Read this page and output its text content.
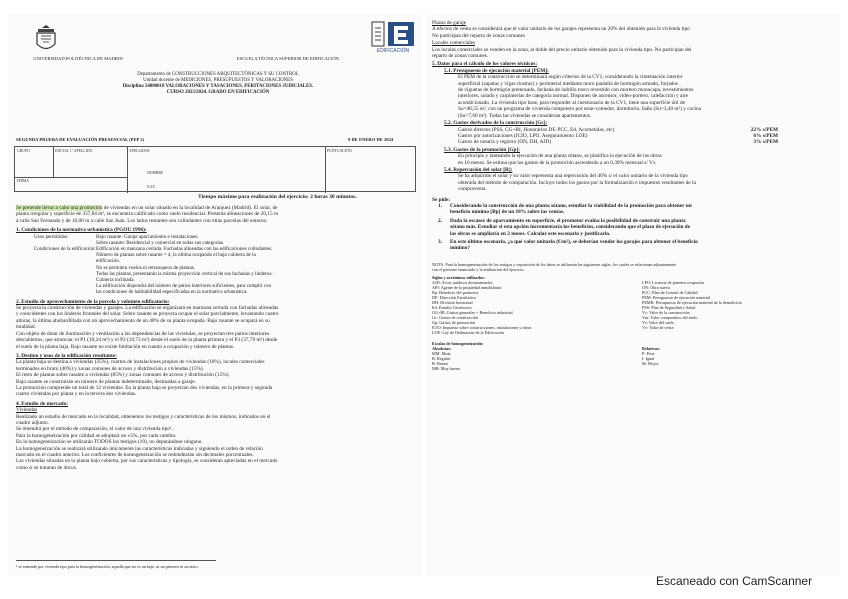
EDIFICACIÓN
UNIVERSIDAD POLITÉCNICA DE MADRID	ESCUELA TÉCNICA SUPERIOR DE EDIFICACIÓN
Departamento de CONSTRUCCIONES ARQUITECTÓNICAS Y SU CONTROL
Unidad docente de MEDICIONES, PRESUPUESTOS Y VALORACIONES
Disciplina 54000018 VALORACIONES Y TASACIONES. PERITACIONES JUDICIALES.
CURSO 2023/2024. GRADO EN EDIFICACIÓN
SEGUNDA PRUEBA DE EVALUACIÓN PRESENCIAL (PEP 2)	9 DE ENERO DE 2024
GRUPO	INICIAL 1º APELLIDO	APELLIDOS	PUNTUACIÓN
NOMBRE
FIRMA
N.I.F.
Tiempo máximo para realización del ejercicio: 2 horas 30 minutos.
Se pretende llevar a cabo una promoción de viviendas en un solar situado en la localidad de Aranjuez (Madrid). El solar, de
planta irregular y superficie de 337,84 m², se encuentra calificado como suelo residencial. Presenta alineaciones de 20,15 m
a calle San Fernando y de 16,00 m a calle San Juan. Los lados restantes son colindantes con otras parcelas del entorno.
1. Condiciones de la normativa urbanística (PGOU 1996):
Usos permitidos:	Bajo rasante: Garaje aparcamiento e instalaciones.
Sobre rasante: Residencial y comercial en todas sus categorías.
Condiciones de la edificación: Edificación en manzana cerrada. Fachadas alineadas con las edificaciones colindantes.
Número de plantas sobre rasante = 4, la última ocupando el bajo cubierta de la
edificación.
No se permiten vuelos ni retranqueos de plantas.
Todas las plantas, presentarán la misma proyección vertical de sus fachadas y linderos.
Cubierta inclinada.
La edificación dispondrá del número de patios interiores suficientes, para cumplir con
las condiciones de habitabilidad especificadas en la normativa urbanística.
2. Estudio de aprovechamiento de la parcela y volumen edificatorio:
Se proyecta la construcción de viviendas y garajes. La edificación se organizará en manzana cerrada con fachadas alineadas
y coincidentes con los linderos frontales del solar. Sobre rasante se proyecta ocupar el solar parcialmente, levantando cuatro
alturas, la última abuhardillada con un aprovechamiento de un 40% de su planta ocupada. Bajo rasante se ocupará en su
totalidad.
Con objeto de dotar de iluminación y ventilación a las dependencias de las viviendas, se proyectan tres patios interiores
descubiertos, que arrancan: el P1 (10,24 m²) y el P2 (10,73 m²) desde el suelo de la planta primera y el P3 (37,79 m²) desde
el suelo de la planta baja. Bajo rasante no existe limitación en cuanto a ocupación y número de plantas.
3. Destino y usos de la edificación resultante:
La planta baja se destina a viviendas (35%), cuartos de instalaciones propios de viviendas (10%), locales comerciales
terminados en bruto (40%) y zonas comunes de acceso y distribución a viviendas (15%).
El resto de plantas sobre rasante a viviendas (85%) y zonas comunes de acceso y distribución (15%).
Bajo rasante se construirán un número de plantas indeterminado, destinadas a garaje.
La promoción comprende un total de 12 viviendas. En la planta baja se proyectan dos viviendas, en la primera y segunda
cuatro viviendas por planta y en la tercera dos viviendas.
4. Estudio de mercado:
Viviendas
Realizado un estudio de mercado en la localidad, obtenemos los testigos y características de los mismos, indicados en el
cuadro adjunto.
Se obtendrá por el método de comparación, el valor de una vivienda tipo¹.
Para la homogeneización por calidad se adoptará un ±5%, por cada cambio.
En la homogeneización se utilizarán TODOS los testigos (10), no depurándose ninguno.
La homogeneización se realizará utilizando únicamente las características indicadas y siguiendo el orden de relación
marcado en el cuadro anterior. Los coeficientes de homogeneización se redondearán sin decimales porcentuales.
Las viviendas situadas en la planta bajo cubierta, por sus características y tipología, se consideran apreciadas en el mercado
como si se trataran de áticos.
¹ se entiende por vivienda tipo para la homogeneización, aquella que no es un bajo, ni un primero ni un ático.
Plazas de garaje
A efectos de venta se considerará que el valor unitario de los garajes representa un 20% del obtenido para la vivienda tipo
No participan del reparto de zonas comunes
Locales comerciales
Los locales comerciales se venden en la zona, al doble del precio unitario obtenido para la vivienda tipo. No participan del
reparto de zonas comunes.
5. Datos para el cálculo de los valores técnicos:
5.1. Presupuesto de ejecución material [PEM]:
El PEM de la construcción se determinará según criterios de la CV1, considerando la cimentación interior
superficial (zapatas y vigas riostras) y perimetral mediante muro pantalla de hormigón armado, forjados
de viguetas de hormigón pretensado, fachada de ladrillo tosco revestido con mortero monocapa, revestimientos
interiores, solado y carpinterías de categoría normal. Disponen de ascensor, video-portero, calefacción y aire
acondicionado. La vivienda tipo base, para responder al cuestionario de la CV1, tiene una superficie útil de
Su=46,55 m², con un programa de vivienda compuesto por estar-comedor, dormitorio, baño (Su=3,40 m²) y cocina
(Su=7,60 m²). Todas las viviendas se consideran apartamentos.
5.2. Gastos derivados de la construcción [Gc]:
Gastos directos (PSS, CG+BI, Honorarios DF, PCC, Ed, Acometidas, etc)	22% s/PEM
Gastos por autorizaciones (ICIO, LPO, Aseguramiento LOE)	6% s/PEM
Gastos de notaría y registro (ON, DH, AJD)	3% s/PEM
5.3. Gastos de la promoción [Gp]:
En principio y tanteando la ejecución de una planta sótano, se planifica la ejecución de las obras
en 16 meses. Se estima que los gastos de la promoción ascenderán a un 0,30% mensual s/ Vv.
5.4. Repercusión del solar [R]:
Se ha adquirido el solar y su valor representa una repercusión del 40% s/ el valor unitario de la vivienda tipo
obtenida del método de comparación. Incluye todos los gastos por la formalización e impuestos resultantes de la
compraventa.
Se pide:
1.	Considerando la construcción de una planta sótano, estudiar la viabilidad de la promoción para obtener un
beneficio mínimo [Bp] de un 18% sobre las ventas.
2.	Dada la escasez de aparcamiento en superficie, el promotor evalúa la posibilidad de construir una planta
sótano más. Estudiar si esta opción incrementaría los beneficios, considerando que el plazo de ejecución de
las obras se ampliaría en 2 meses. Calcular este escenario y justificarlo.
3.	En este último escenario, ¿a qué valor unitario (€/m²), se deberían vender los garajes para obtener el beneficio
mínimo?
NOTA. Para la homogeneización de los testigos y exposición de los datos se utilizarán las siguientes siglas, los cuales se relacionan adjuntamente
con el presente enunciado y la realización del ejercicio.
Siglas y acrónimos utilizados:
AJD: Actos jurídicos documentados
API: Agente de la propiedad inmobiliaria
Bp: Beneficio del promotor
DF: Dirección Facultativa
DH: División horizontal
Ed: Estudio Geotécnico
GG+BI: Gastos generales + Beneficio industrial
Gc: Gastos de construcción
Gp: Gastos de promoción
ICIO: Impuesto sobre construcciones, instalaciones y obras
LOE: Ley de Ordenación de la Edificación
LPO: Licencia de primera ocupación
ON: Obra nueva
PCC: Plan de Control de Calidad
PEM: Presupuesto de ejecución material
PEMR: Presupuesto de ejecución material de la demolición
PSS: Plan de Seguridad y Salud
Vc: Valor de la construcción
Vm: Valor comparativo del suelo
Vs: Valor del suelo
Vv: Valor de venta
Escalas de homogeneización:
Absolutas:
MM: Muía
B: Regular
B: Bueno
MB: Muy bueno
Relativas:
P: Peor
I: Igual
M: Mejor
Escaneado con CamScanner
